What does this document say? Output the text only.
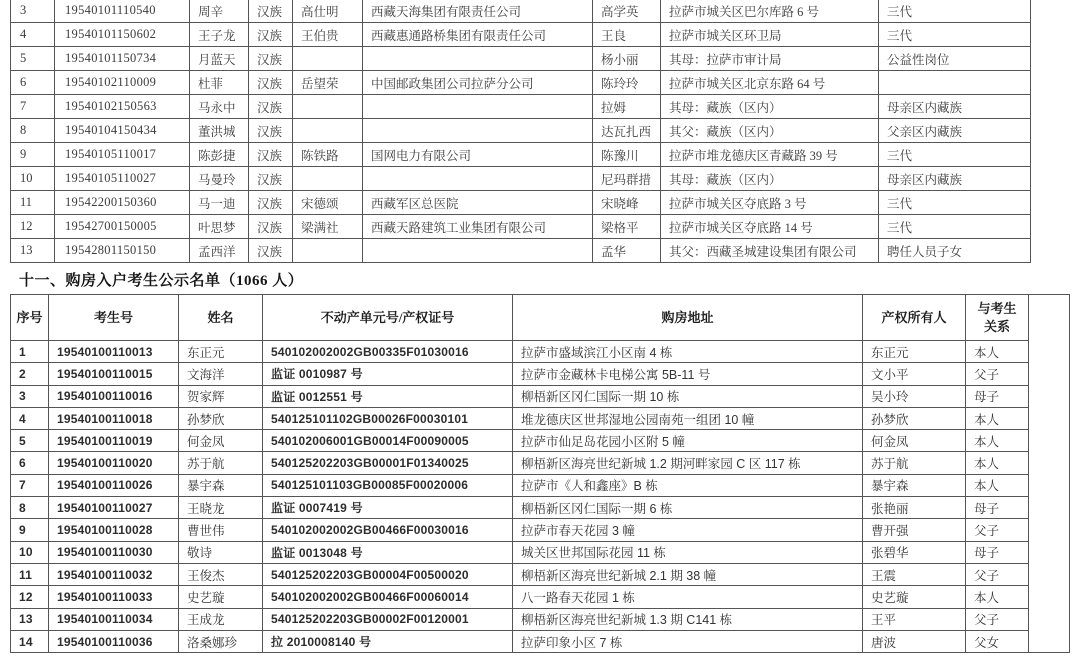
3	19540101110540	周辛	汉族	高仕明	西藏天海集团有限责任公司	高学英	拉萨市城关区巴尔库路 6 号	三代
4	19540101150602	王子龙	汉族	王伯贵	西藏惠通路桥集团有限责任公司	王良	拉萨市城关区环卫局	三代
5	19540101150734	月蓝天	汉族			杨小丽	其母：拉萨市审计局	公益性岗位
6	19540102110009	杜菲	汉族	岳望荣	中国邮政集团公司拉萨分公司	陈玲玲	拉萨市城关区北京东路 64 号	
7	19540102150563	马永中	汉族			拉姆	其母：藏族（区内）	母亲区内藏族
8	19540104150434	董洪城	汉族			达瓦扎西	其父：藏族（区内）	父亲区内藏族
9	19540105110017	陈彭捷	汉族	陈铁路	国网电力有限公司	陈豫川	拉萨市堆龙德庆区青藏路 39 号	三代
10	19540105110027	马曼玲	汉族			尼玛群措	其母：藏族（区内）	母亲区内藏族
11	19542200150360	马一迪	汉族	宋德颂	西藏军区总医院	宋晓峰	拉萨市城关区夺底路 3 号	三代
12	19542700150005	叶思梦	汉族	梁满社	西藏天路建筑工业集团有限公司	梁格平	拉萨市城关区夺底路 14 号	三代
13	19542801150150	孟西洋	汉族			孟华	其父：西藏圣城建设集团有限公司	聘任人员子女
十一、购房入户考生公示名单（1066 人）
序号	考生号	姓名	不动产单元号/产权证号	购房地址	产权所有人	与考生
关系	

1	19540100110013	东正元	540102002002GB00335F01030016	拉萨市盛域滨江小区南 4 栋	东正元	本人	
2	19540100110015	文海洋	监证 0010987 号	拉萨市金藏林卡电梯公寓 5B-11 号	文小平	父子	
3	19540100110016	贺家辉	监证 0012551 号	柳梧新区冈仁国际一期 10 栋	吴小玲	母子	
4	19540100110018	孙梦欣	540125101102GB00026F00030101	堆龙德庆区世邦湿地公园南苑一组团 10 幢	孙梦欣	本人	
5	19540100110019	何金凤	540102006001GB00014F00090005	拉萨市仙足岛花园小区附 5 幢	何金凤	本人	
6	19540100110020	苏于航	540125202203GB00001F01340025	柳梧新区海亮世纪新城 1.2 期河畔家园 C 区 117 栋	苏于航	本人	
7	19540100110026	暴宇森	540125101103GB00085F00020006	拉萨市《人和鑫座》B 栋	暴宇森	本人	
8	19540100110027	王晓龙	监证 0007419 号	柳梧新区冈仁国际一期 6 栋	张艳丽	母子	
9	19540100110028	曹世伟	540102002002GB00466F00030016	拉萨市春天花园 3 幢	曹开强	父子	
10	19540100110030	敬诗	监证 0013048 号	城关区世邦国际花园 11 栋	张碧华	母子	
11	19540100110032	王俊杰	540125202203GB00004F00500020	柳梧新区海亮世纪新城 2.1 期 38 幢	王震	父子	
12	19540100110033	史艺璇	540102002002GB00466F00060014	八一路春天花园 1 栋	史艺璇	本人	
13	19540100110034	王成龙	540125202203GB00002F00120001	柳梧新区海亮世纪新城 1.3 期 C141 栋	王平	父子	
14	19540100110036	洛桑娜珍	拉 2010008140 号	拉萨印象小区 7 栋	唐波	父女	
